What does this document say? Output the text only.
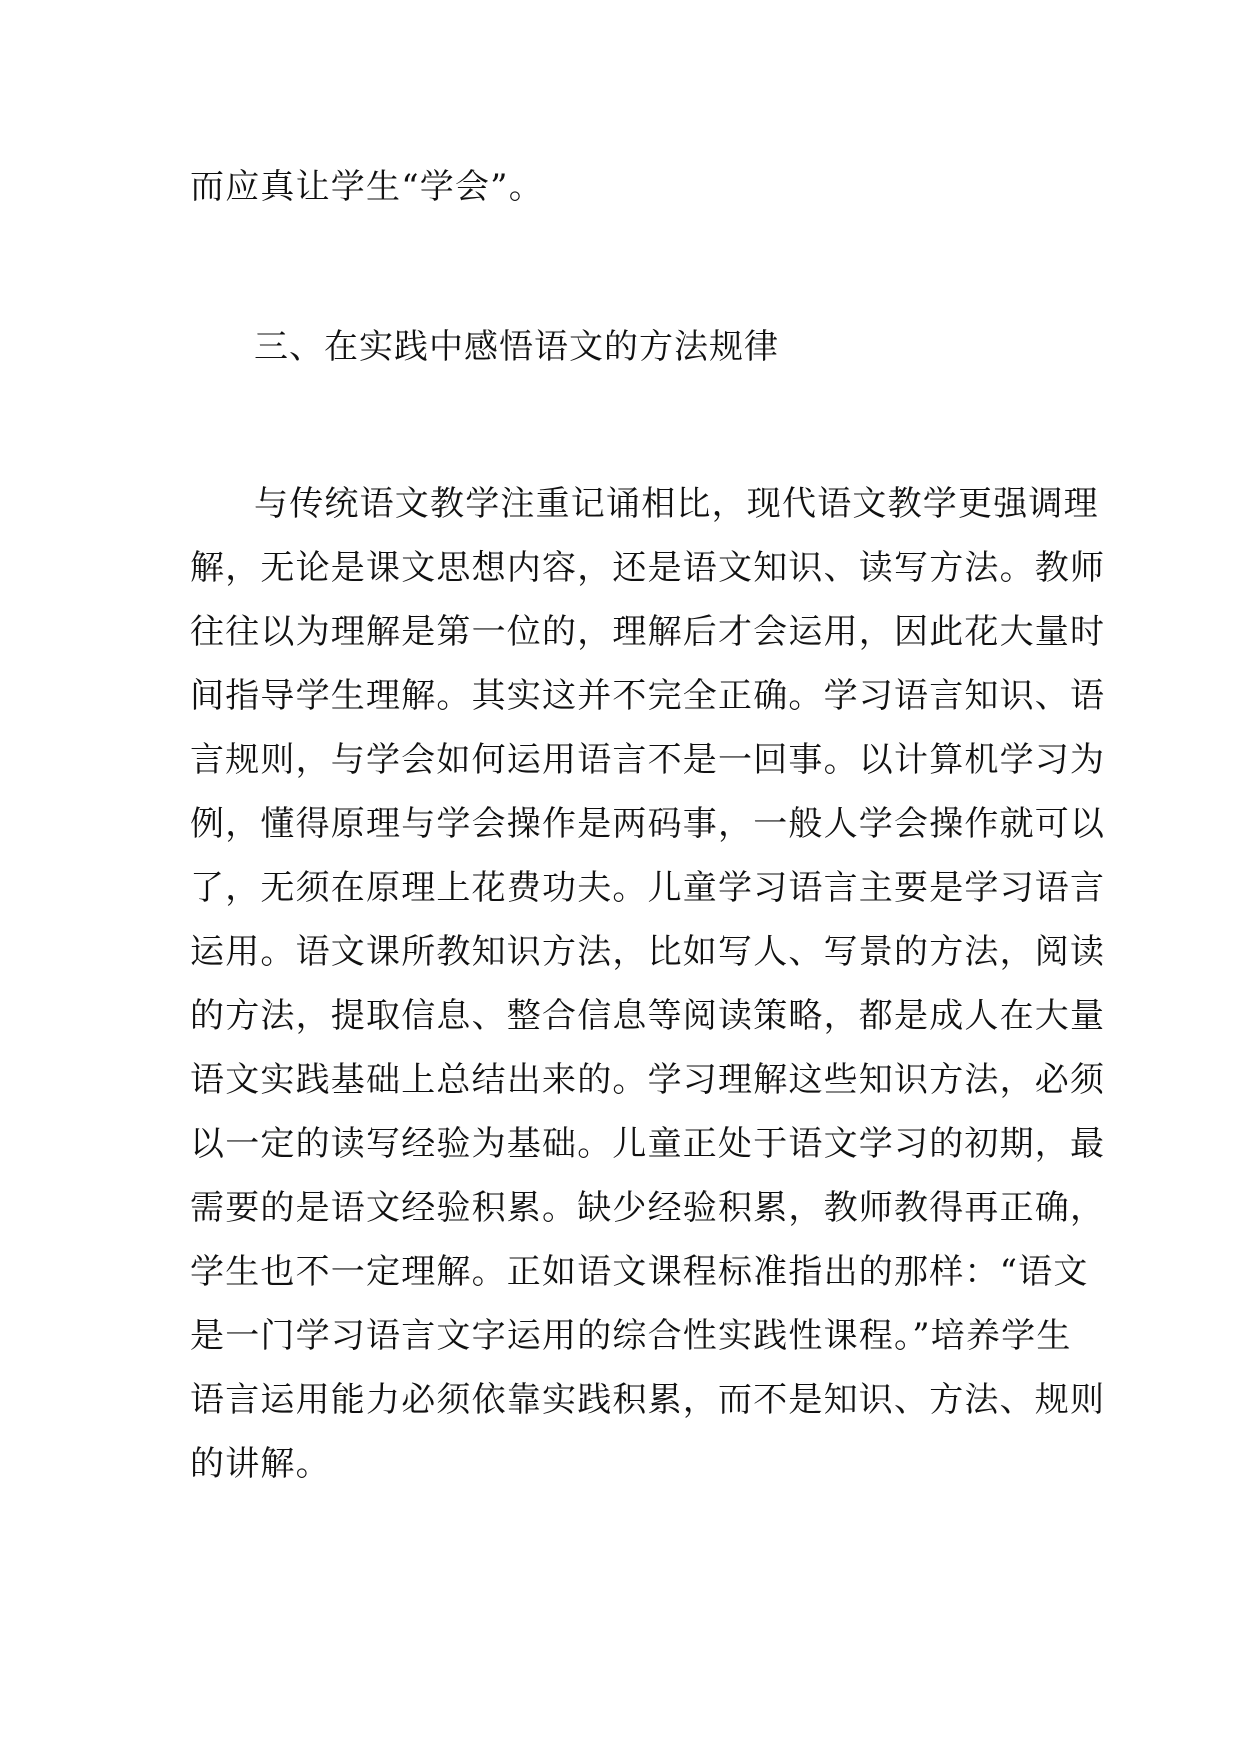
而应真让学生“学会”。
三、在实践中感悟语文的方法规律
与传统语文教学注重记诵相比，现代语文教学更强调理
解，无论是课文思想内容，还是语文知识、读写方法。教师
往往以为理解是第一位的，理解后才会运用，因此花大量时
间指导学生理解。其实这并不完全正确。学习语言知识、语
言规则，与学会如何运用语言不是一回事。以计算机学习为
例，懂得原理与学会操作是两码事，一般人学会操作就可以
了，无须在原理上花费功夫。儿童学习语言主要是学习语言
运用。语文课所教知识方法，比如写人、写景的方法，阅读
的方法，提取信息、整合信息等阅读策略，都是成人在大量
语文实践基础上总结出来的。学习理解这些知识方法，必须
以一定的读写经验为基础。儿童正处于语文学习的初期，最
需要的是语文经验积累。缺少经验积累，教师教得再正确，
学生也不一定理解。正如语文课程标准指出的那样：“语文
是一门学习语言文字运用的综合性实践性课程。”培养学生
语言运用能力必须依靠实践积累，而不是知识、方法、规则
的讲解。
